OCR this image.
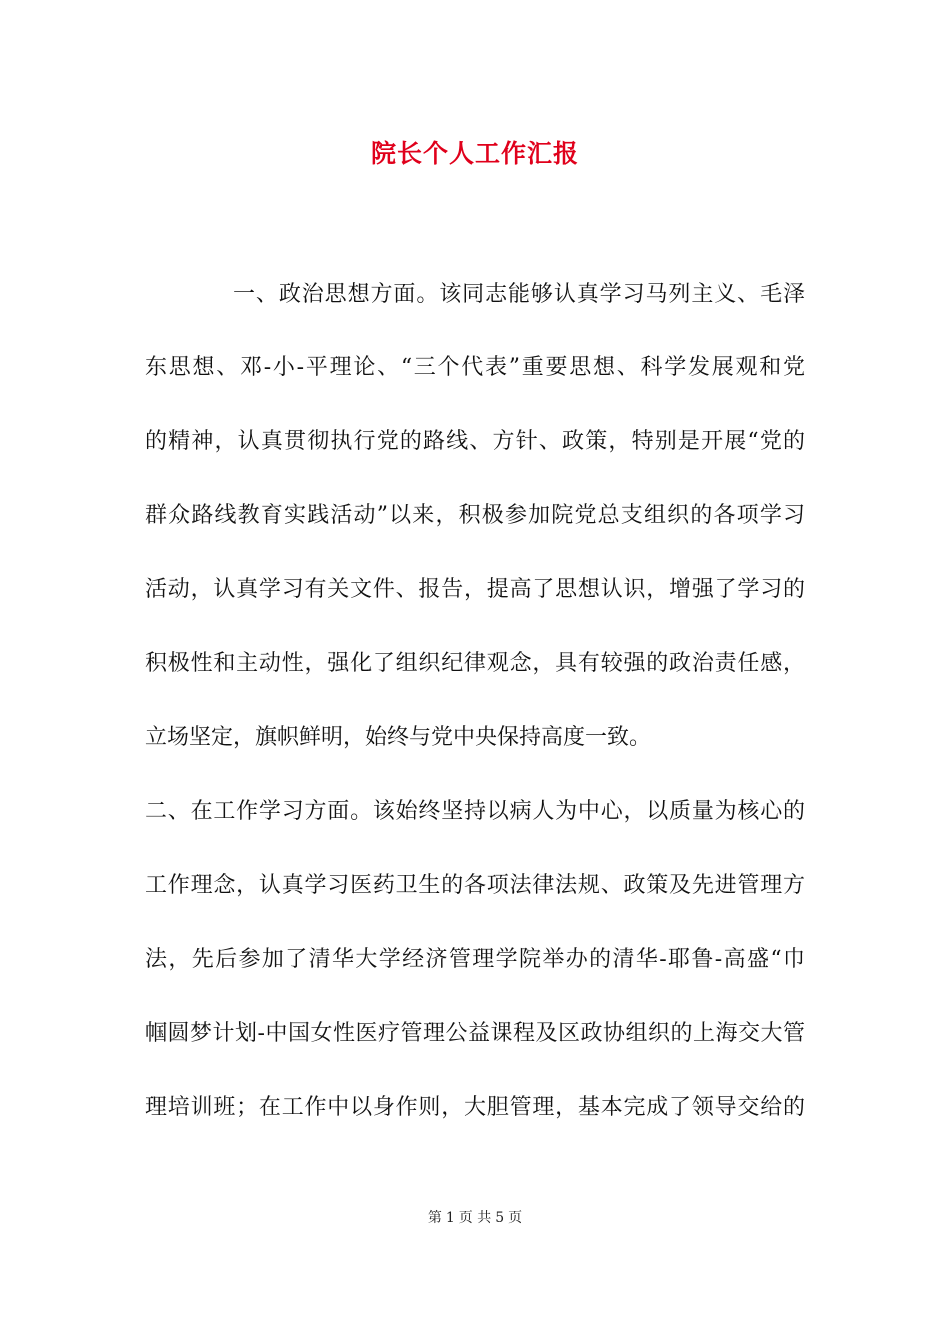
院长个人工作汇报
一、政治思想方面。该同志能够认真学习马列主义、毛泽
东思想、邓-小-平理论、“三个代表”重要思想、科学发展观和党
的精神，认真贯彻执行党的路线、方针、政策，特别是开展“党的
群众路线教育实践活动”以来，积极参加院党总支组织的各项学习
活动，认真学习有关文件、报告，提高了思想认识，增强了学习的
积极性和主动性，强化了组织纪律观念，具有较强的政治责任感，
立场坚定，旗帜鲜明，始终与党中央保持高度一致。
二、在工作学习方面。该始终坚持以病人为中心，以质量为核心的
工作理念，认真学习医药卫生的各项法律法规、政策及先进管理方
法，先后参加了清华大学经济管理学院举办的清华-耶鲁-高盛“巾
帼圆梦计划-中国女性医疗管理公益课程及区政协组织的上海交大管
理培训班；在工作中以身作则，大胆管理，基本完成了领导交给的
第 1 页 共 5 页
